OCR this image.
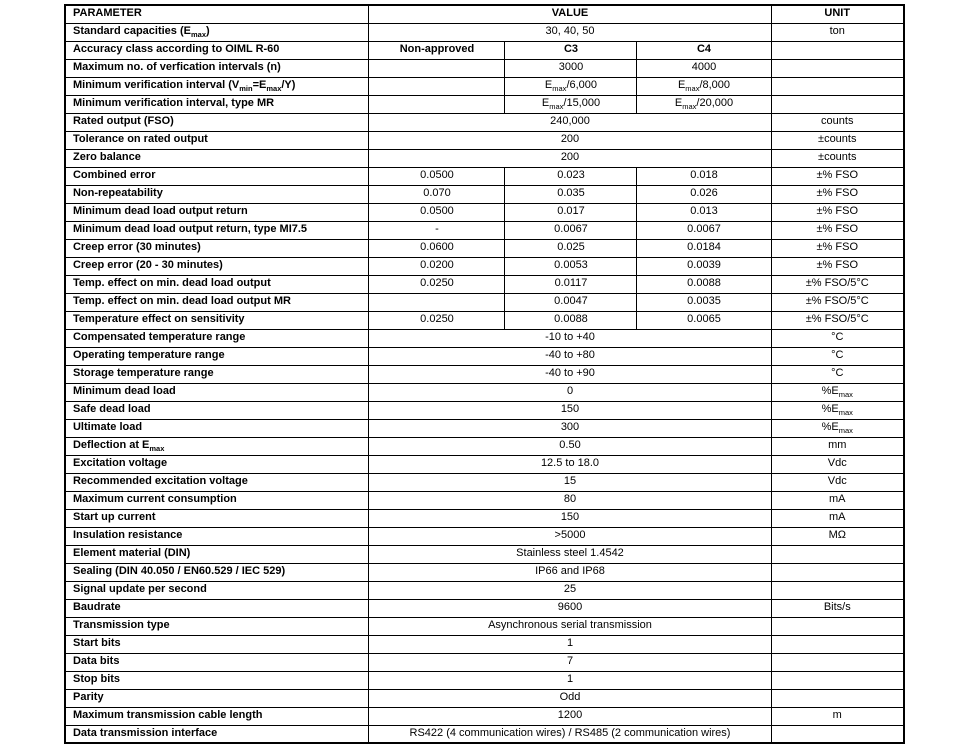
PARAMETER	VALUE			UNIT
Standard capacities $(E_{max})$	30, 40, 50			ton
Accuracy class according to OIML R-60	Non-approved	C3	C4	
Maximum no. of verfication intervals (n)		3000	4000	
Minimum verification interval $(V_{min}=E_{max}/Y)$		$E_{max}/6,000$	$E_{max}/8,000$	
Minimum verification interval, type MR		$E_{max}/15,000$	$E_{max}/20,000$	
Rated output (FSO)	240,000			counts
Tolerance on rated output	200			±counts
Zero balance	200			±counts
Combined error	0.0500	0.023	0.018	±% FSO
Non-repeatability	0.070	0.035	0.026	±% FSO
Minimum dead load output return	0.0500	0.017	0.013	±% FSO
Minimum dead load output return, type MI7.5	-	0.0067	0.0067	±% FSO
Creep error (30 minutes)	0.0600	0.025	0.0184	±% FSO
Creep error (20 - 30 minutes)	0.0200	0.0053	0.0039	±% FSO
Temp. effect on min. dead load output	0.0250	0.0117	0.0088	±% FSO/5°C
Temp. effect on min. dead load output MR		0.0047	0.0035	±% FSO/5°C
Temperature effect on sensitivity	0.0250	0.0088	0.0065	±% FSO/5°C
Compensated temperature range	-10 to +40			°C
Operating temperature range	-40 to +80			°C
Storage temperature range	-40 to +90			°C
Minimum dead load	0			$\%E_{max}$
Safe dead load	150			$\%E_{max}$
Ultimate load	300			$\%E_{max}$
Deflection at $E_{max}$	0.50			mm
Excitation voltage	12.5 to 18.0			Vdc
Recommended excitation voltage	15			Vdc
Maximum current consumption	80			mA
Start up current	150			mA
Insulation resistance	>5000			MΩ
Element material (DIN)	Stainless steel 1.4542			
Sealing (DIN 40.050 / EN60.529 / IEC 529)	IP66 and IP68			
Signal update per second	25			
Baudrate	9600			Bits/s
Transmission type	Asynchronous serial transmission			
Start bits	1			
Data bits	7			
Stop bits	1			
Parity	Odd			
Maximum transmission cable length	1200			m
Data transmission interface	RS422 (4 communication wires) / RS485 (2 communication wires)			
